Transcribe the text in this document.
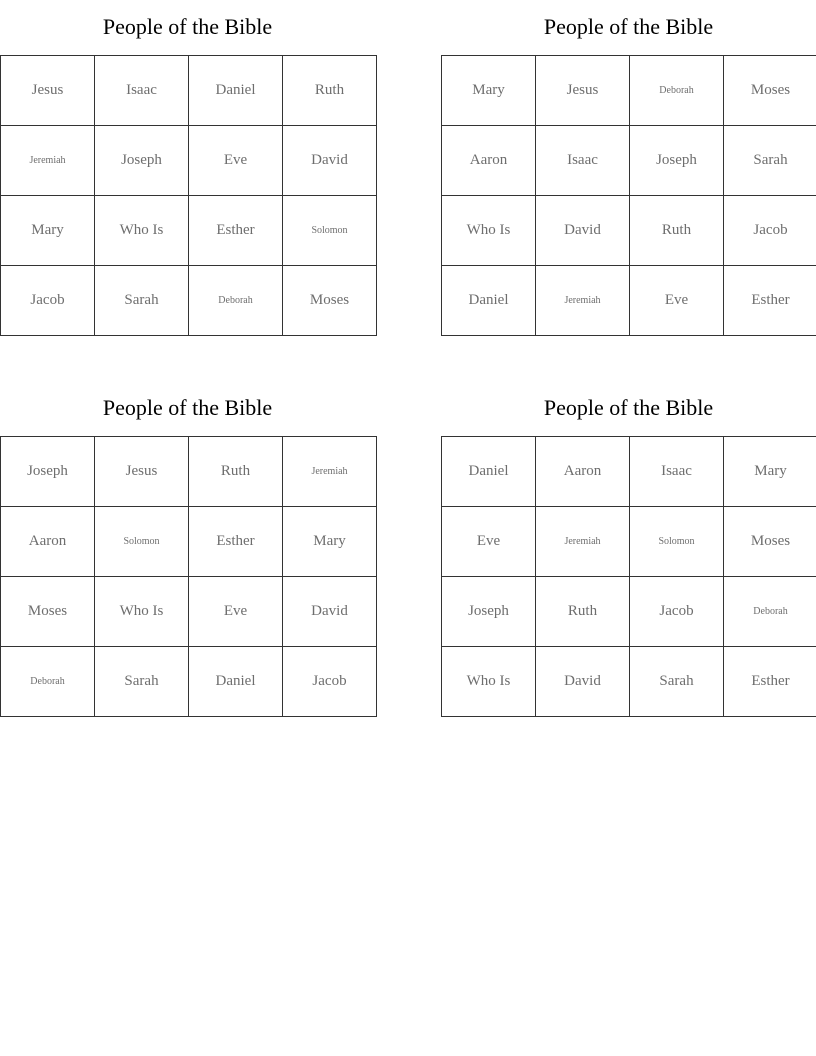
People of the Bible
Jesus	Isaac	Daniel	Ruth
Jeremiah	Joseph	Eve	David
Mary	Who Is	Esther	Solomon
Jacob	Sarah	Deborah	Moses
People of the Bible
Mary	Jesus	Deborah	Moses
Aaron	Isaac	Joseph	Sarah
Who Is	David	Ruth	Jacob
Daniel	Jeremiah	Eve	Esther
People of the Bible
Joseph	Jesus	Ruth	Jeremiah
Aaron	Solomon	Esther	Mary
Moses	Who Is	Eve	David
Deborah	Sarah	Daniel	Jacob
People of the Bible
Daniel	Aaron	Isaac	Mary
Eve	Jeremiah	Solomon	Moses
Joseph	Ruth	Jacob	Deborah
Who Is	David	Sarah	Esther
